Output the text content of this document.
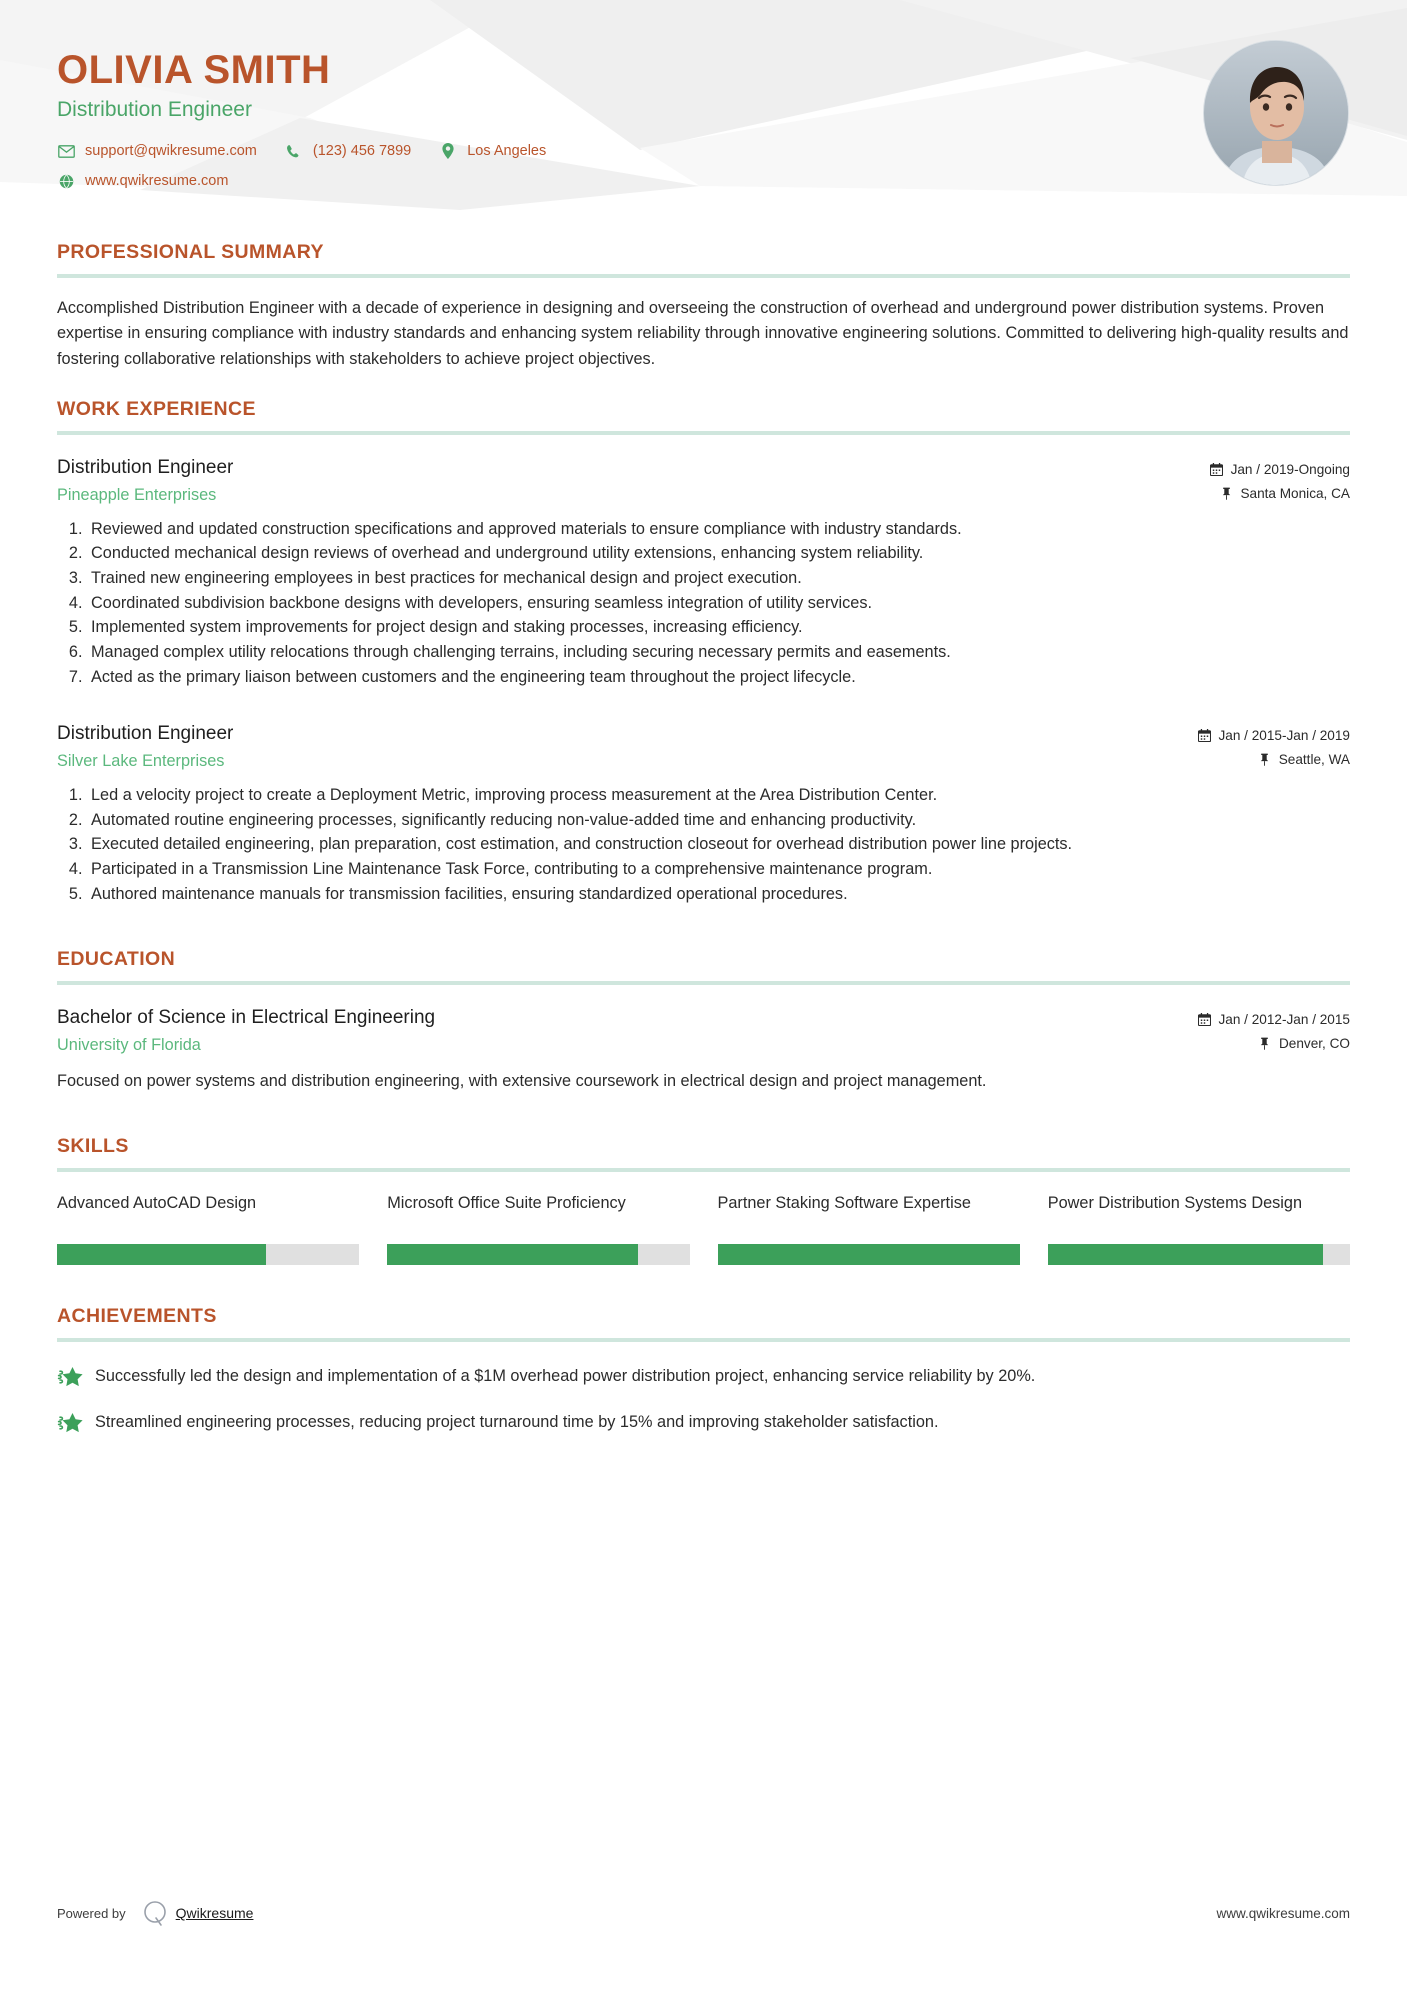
OLIVIA SMITH
Distribution Engineer
support@qwikresume.com	(123) 456 7899	Los Angeles
www.qwikresume.com
PROFESSIONAL SUMMARY
Accomplished Distribution Engineer with a decade of experience in designing and overseeing the construction of overhead and underground power distribution systems. Proven expertise in ensuring compliance with industry standards and enhancing system reliability through innovative engineering solutions. Committed to delivering high-quality results and fostering collaborative relationships with stakeholders to achieve project objectives.
WORK EXPERIENCE
Distribution Engineer
Pineapple Enterprises
Jan / 2019-Ongoing
Santa Monica, CA
1. Reviewed and updated construction specifications and approved materials to ensure compliance with industry standards.
2. Conducted mechanical design reviews of overhead and underground utility extensions, enhancing system reliability.
3. Trained new engineering employees in best practices for mechanical design and project execution.
4. Coordinated subdivision backbone designs with developers, ensuring seamless integration of utility services.
5. Implemented system improvements for project design and staking processes, increasing efficiency.
6. Managed complex utility relocations through challenging terrains, including securing necessary permits and easements.
7. Acted as the primary liaison between customers and the engineering team throughout the project lifecycle.
Distribution Engineer
Silver Lake Enterprises
Jan / 2015-Jan / 2019
Seattle, WA
1. Led a velocity project to create a Deployment Metric, improving process measurement at the Area Distribution Center.
2. Automated routine engineering processes, significantly reducing non-value-added time and enhancing productivity.
3. Executed detailed engineering, plan preparation, cost estimation, and construction closeout for overhead distribution power line projects.
4. Participated in a Transmission Line Maintenance Task Force, contributing to a comprehensive maintenance program.
5. Authored maintenance manuals for transmission facilities, ensuring standardized operational procedures.
EDUCATION
Bachelor of Science in Electrical Engineering
University of Florida
Jan / 2012-Jan / 2015
Denver, CO
Focused on power systems and distribution engineering, with extensive coursework in electrical design and project management.
SKILLS
Advanced AutoCAD Design	Microsoft Office Suite Proficiency	Partner Staking Software Expertise	Power Distribution Systems Design
ACHIEVEMENTS
Successfully led the design and implementation of a $1M overhead power distribution project, enhancing service reliability by 20%.
Streamlined engineering processes, reducing project turnaround time by 15% and improving stakeholder satisfaction.
Powered by	Qwikresume	www.qwikresume.com
